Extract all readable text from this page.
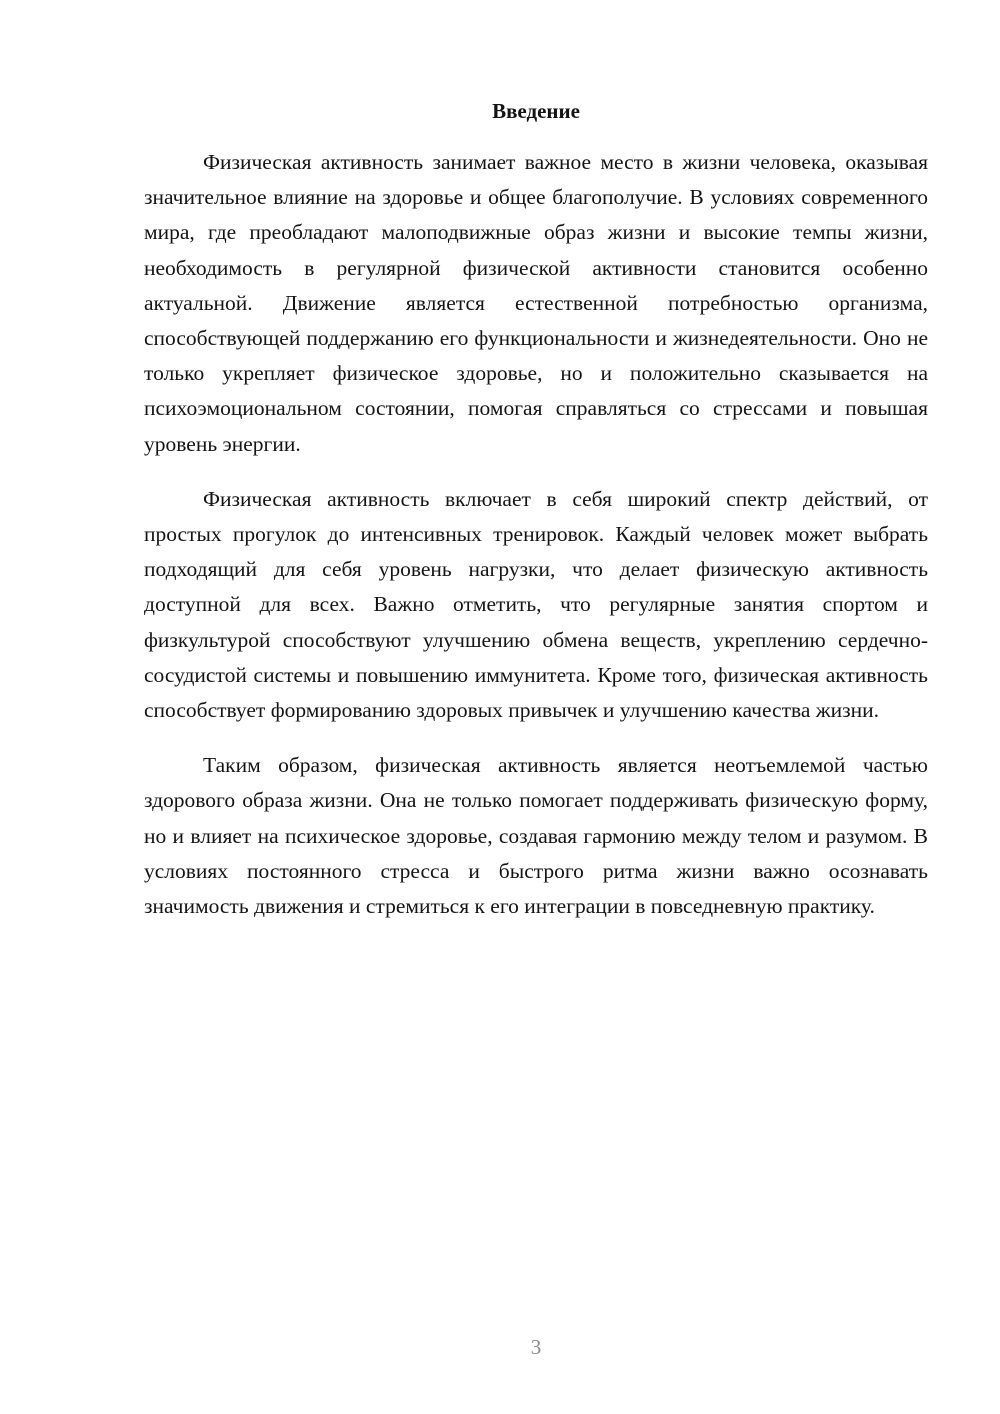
Введение

Физическая активность занимает важное место в жизни человека, оказывая значительное влияние на здоровье и общее благополучие. В условиях современного мира, где преобладают малоподвижные образ жизни и высокие темпы жизни, необходимость в регулярной физической активности становится особенно актуальной. Движение является естественной потребностью организма, способствующей поддержанию его функциональности и жизнедеятельности. Оно не только укрепляет физическое здоровье, но и положительно сказывается на психоэмоциональном состоянии, помогая справляться со стрессами и повышая уровень энергии.

Физическая активность включает в себя широкий спектр действий, от простых прогулок до интенсивных тренировок. Каждый человек может выбрать подходящий для себя уровень нагрузки, что делает физическую активность доступной для всех. Важно отметить, что регулярные занятия спортом и физкультурой способствуют улучшению обмена веществ, укреплению сердечно-сосудистой системы и повышению иммунитета. Кроме того, физическая активность способствует формированию здоровых привычек и улучшению качества жизни.

Таким образом, физическая активность является неотъемлемой частью здорового образа жизни. Она не только помогает поддерживать физическую форму, но и влияет на психическое здоровье, создавая гармонию между телом и разумом. В условиях постоянного стресса и быстрого ритма жизни важно осознавать значимость движения и стремиться к его интеграции в повседневную практику.

3
